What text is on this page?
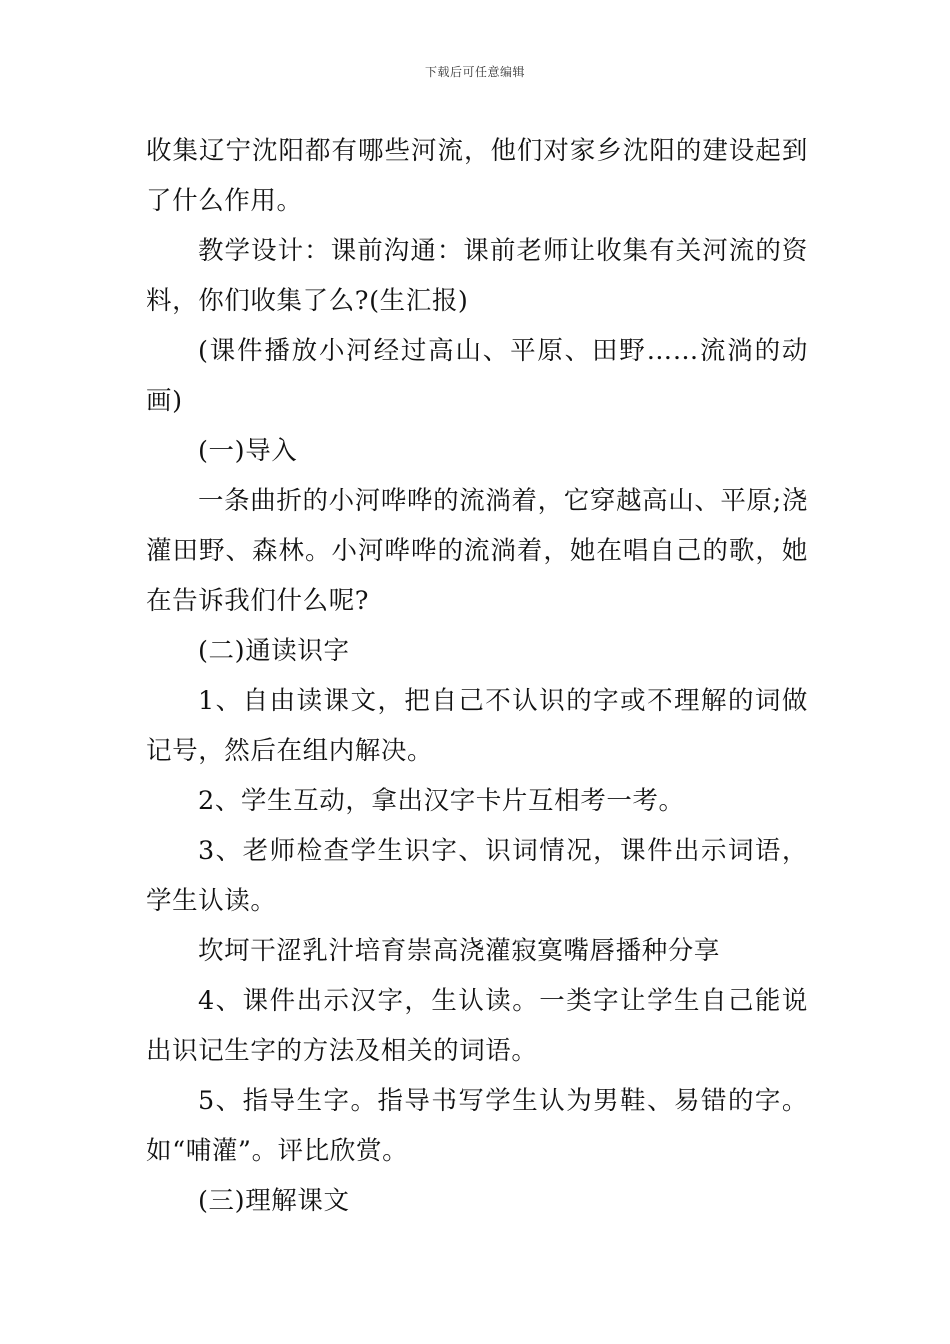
下载后可任意编辑

收集辽宁沈阳都有哪些河流，他们对家乡沈阳的建设起到了什么作用。

教学设计：课前沟通：课前老师让收集有关河流的资料，你们收集了么?(生汇报)

(课件播放小河经过高山、平原、田野……流淌的动画)

(一)导入

一条曲折的小河哗哗的流淌着，它穿越高山、平原;浇灌田野、森林。小河哗哗的流淌着，她在唱自己的歌，她在告诉我们什么呢?

(二)通读识字

1、自由读课文，把自己不认识的字或不理解的词做记号，然后在组内解决。

2、学生互动，拿出汉字卡片互相考一考。

3、老师检查学生识字、识词情况，课件出示词语，学生认读。

坎坷干涩乳汁培育崇高浇灌寂寞嘴唇播种分享

4、课件出示汉字，生认读。一类字让学生自己能说出识记生字的方法及相关的词语。

5、指导生字。指导书写学生认为男鞋、易错的字。如“哺灌”。评比欣赏。

(三)理解课文
